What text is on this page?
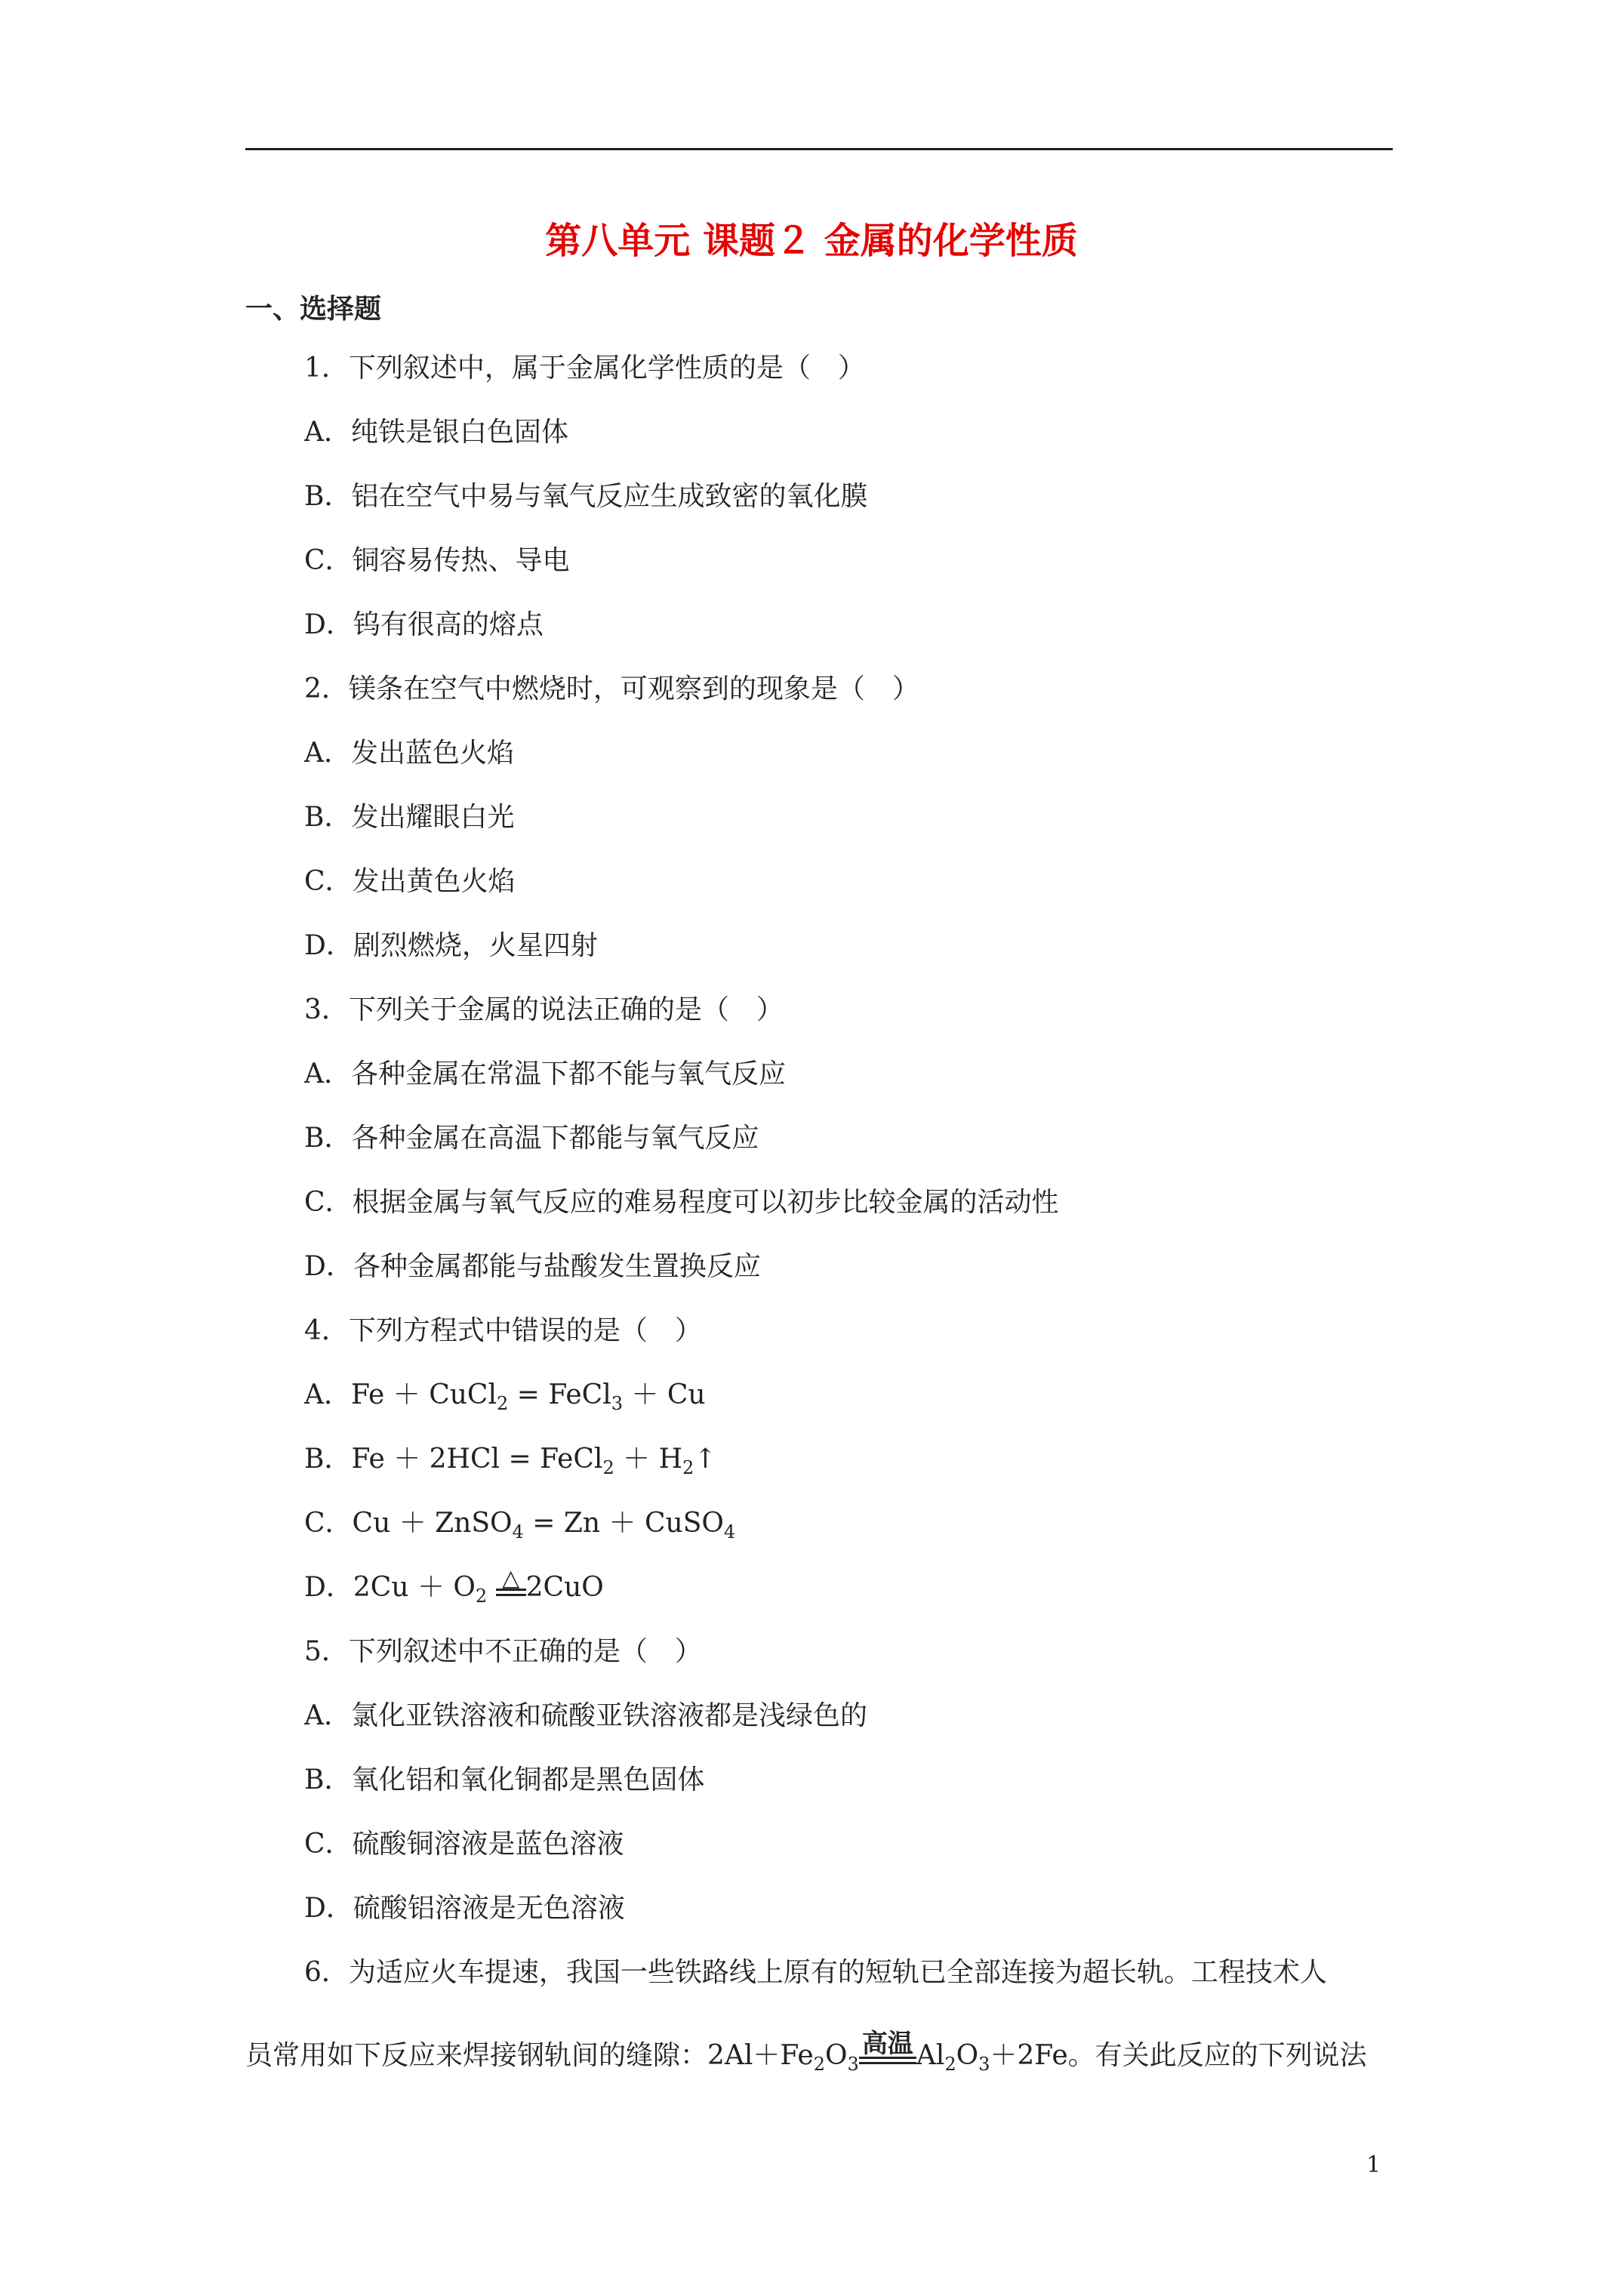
第八单元 课题２ 金属的化学性质
一、选择题
1．下列叙述中，属于金属化学性质的是（　）
A．纯铁是银白色固体
B．铝在空气中易与氧气反应生成致密的氧化膜
C．铜容易传热、导电
D．钨有很高的熔点
2．镁条在空气中燃烧时，可观察到的现象是（　）
A．发出蓝色火焰
B．发出耀眼白光
C．发出黄色火焰
D．剧烈燃烧，火星四射
3．下列关于金属的说法正确的是（　）
A．各种金属在常温下都不能与氧气反应
B．各种金属在高温下都能与氧气反应
C．根据金属与氧气反应的难易程度可以初步比较金属的活动性
D．各种金属都能与盐酸发生置换反应
4．下列方程式中错误的是（　）
A．Fe ＋ CuCl$_2$ = FeCl$_3$ ＋ Cu
B．Fe ＋ 2HCl = FeCl$_2$ ＋ $H_2↑$
C．Cu ＋ ZnSO$_4$ = Zn ＋ CuSO$_4$
D．$2Cu + O_2$
△ 2CuO
5．下列叙述中不正确的是（　）
A．氯化亚铁溶液和硫酸亚铁溶液都是浅绿色的
B．氧化铝和氧化铜都是黑色固体
C．硫酸铜溶液是蓝色溶液
D．硫酸铝溶液是无色溶液
6．为适应火车提速，我国一些铁路线上原有的短轨已全部连接为超长轨。工程技术人
员常用如下反应来焊接钢轨间的缝隙：$2Al+Fe_2O_3$
高温 $Al_2O_3+2Fe$。有关此反应的下列说法
1
